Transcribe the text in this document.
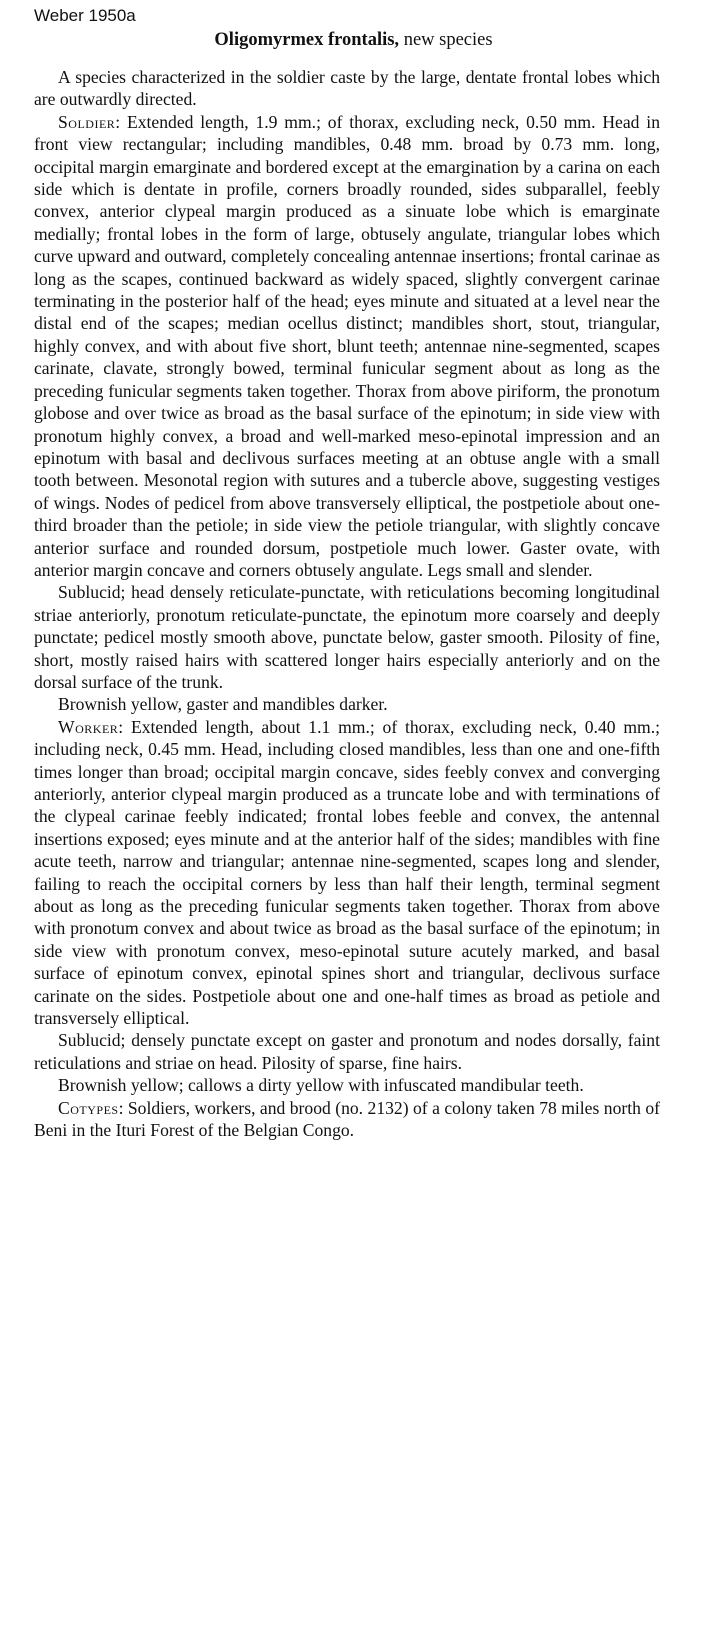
Weber 1950a
Oligomyrmex frontalis, new species

A species characterized in the soldier caste by the large, dentate frontal lobes which are outwardly directed.

Soldier: Extended length, 1.9 mm.; of thorax, excluding neck, 0.50 mm. Head in front view rectangular; including mandibles, 0.48 mm. broad by 0.73 mm. long, occipital margin emarginate and bordered except at the emargination by a carina on each side which is dentate in profile, corners broadly rounded, sides subparallel, feebly convex, anterior clypeal margin produced as a sinuate lobe which is emarginate medially; frontal lobes in the form of large, obtusely angulate, triangular lobes which curve upward and outward, completely concealing antennae insertions; frontal carinae as long as the scapes, continued backward as widely spaced, slightly convergent carinae terminating in the posterior half of the head; eyes minute and situated at a level near the distal end of the scapes; median ocellus distinct; mandibles short, stout, triangular, highly convex, and with about five short, blunt teeth; antennae nine-segmented, scapes carinate, clavate, strongly bowed, terminal funicular segment about as long as the preceding funicular segments taken together. Thorax from above piriform, the pronotum globose and over twice as broad as the basal surface of the epinotum; in side view with pronotum highly convex, a broad and well-marked meso-epinotal impression and an epinotum with basal and declivous surfaces meeting at an obtuse angle with a small tooth between. Mesonotal region with sutures and a tubercle above, suggesting vestiges of wings. Nodes of pedicel from above transversely elliptical, the postpetiole about one-third broader than the petiole; in side view the petiole triangular, with slightly concave anterior surface and rounded dorsum, postpetiole much lower. Gaster ovate, with anterior margin concave and corners obtusely angulate. Legs small and slender.

Sublucid; head densely reticulate-punctate, with reticulations becoming longitudinal striae anteriorly, pronotum reticulate-punctate, the epinotum more coarsely and deeply punctate; pedicel mostly smooth above, punctate below, gaster smooth. Pilosity of fine, short, mostly raised hairs with scattered longer hairs especially anteriorly and on the dorsal surface of the trunk.

Brownish yellow, gaster and mandibles darker.

Worker: Extended length, about 1.1 mm.; of thorax, excluding neck, 0.40 mm.; including neck, 0.45 mm. Head, including closed mandibles, less than one and one-fifth times longer than broad; occipital margin concave, sides feebly convex and converging anteriorly, anterior clypeal margin produced as a truncate lobe and with terminations of the clypeal carinae feebly indicated; frontal lobes feeble and convex, the antennal insertions exposed; eyes minute and at the anterior half of the sides; mandibles with fine acute teeth, narrow and triangular; antennae nine-segmented, scapes long and slender, failing to reach the occipital corners by less than half their length, terminal segment about as long as the preceding funicular segments taken together. Thorax from above with pronotum convex and about twice as broad as the basal surface of the epinotum; in side view with pronotum convex, meso-epinotal suture acutely marked, and basal surface of epinotum convex, epinotal spines short and triangular, declivous surface carinate on the sides. Postpetiole about one and one-half times as broad as petiole and transversely elliptical.

Sublucid; densely punctate except on gaster and pronotum and nodes dorsally, faint reticulations and striae on head. Pilosity of sparse, fine hairs.

Brownish yellow; callows a dirty yellow with infuscated mandibular teeth.

Cotypes: Soldiers, workers, and brood (no. 2132) of a colony taken 78 miles north of Beni in the Ituri Forest of the Belgian Congo.
